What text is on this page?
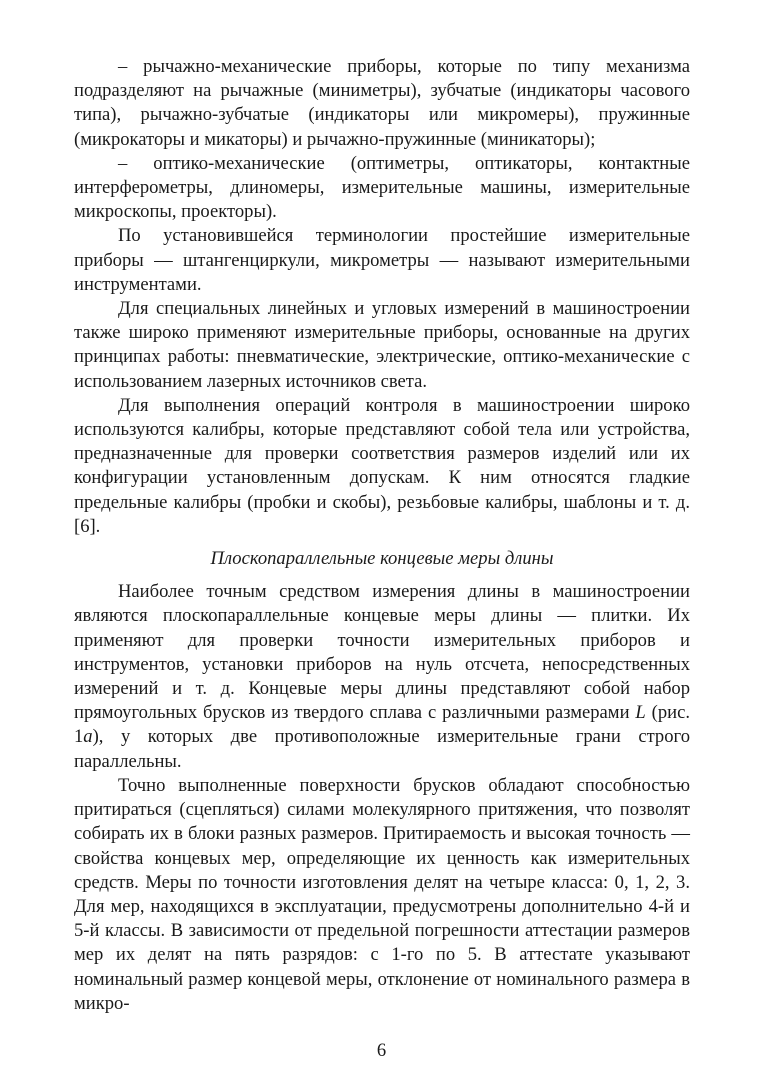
– рычажно-механические приборы, которые по типу механизма подразделяют на рычажные (миниметры), зубчатые (индикаторы часового типа), рычажно-зубчатые (индикаторы или микромеры), пружинные (микрокаторы и микаторы) и рычажно-пружинные (миникаторы);

– оптико-механические (оптиметры, оптикаторы, контактные интерферометры, длиномеры, измерительные машины, измерительные микроскопы, проекторы).

По установившейся терминологии простейшие измерительные приборы — штангенциркули, микрометры — называют измерительными инструментами.

Для специальных линейных и угловых измерений в машиностроении также широко применяют измерительные приборы, основанные на других принципах работы: пневматические, электрические, оптико-механические с использованием лазерных источников света.

Для выполнения операций контроля в машиностроении широко используются калибры, которые представляют собой тела или устройства, предназначенные для проверки соответствия размеров изделий или их конфигурации установленным допускам. К ним относятся гладкие предельные калибры (пробки и скобы), резьбовые калибры, шаблоны и т. д. [6].

Плоскопараллельные концевые меры длины

Наиболее точным средством измерения длины в машиностроении являются плоскопараллельные концевые меры длины — плитки. Их применяют для проверки точности измерительных приборов и инструментов, установки приборов на нуль отсчета, непосредственных измерений и т. д. Концевые меры длины представляют собой набор прямоугольных брусков из твердого сплава с различными размерами L (рис. 1а), у которых две противоположные измерительные грани строго параллельны.

Точно выполненные поверхности брусков обладают способностью притираться (сцепляться) силами молекулярного притяжения, что позволят собирать их в блоки разных размеров. Притираемость и высокая точность — свойства концевых мер, определяющие их ценность как измерительных средств. Меры по точности изготовления делят на четыре класса: 0, 1, 2, 3. Для мер, находящихся в эксплуатации, предусмотрены дополнительно 4-й и 5-й классы. В зависимости от предельной погрешности аттестации размеров мер их делят на пять разрядов: с 1-го по 5. В аттестате указывают номинальный размер концевой меры, отклонение от номинального размера в микро-

6
